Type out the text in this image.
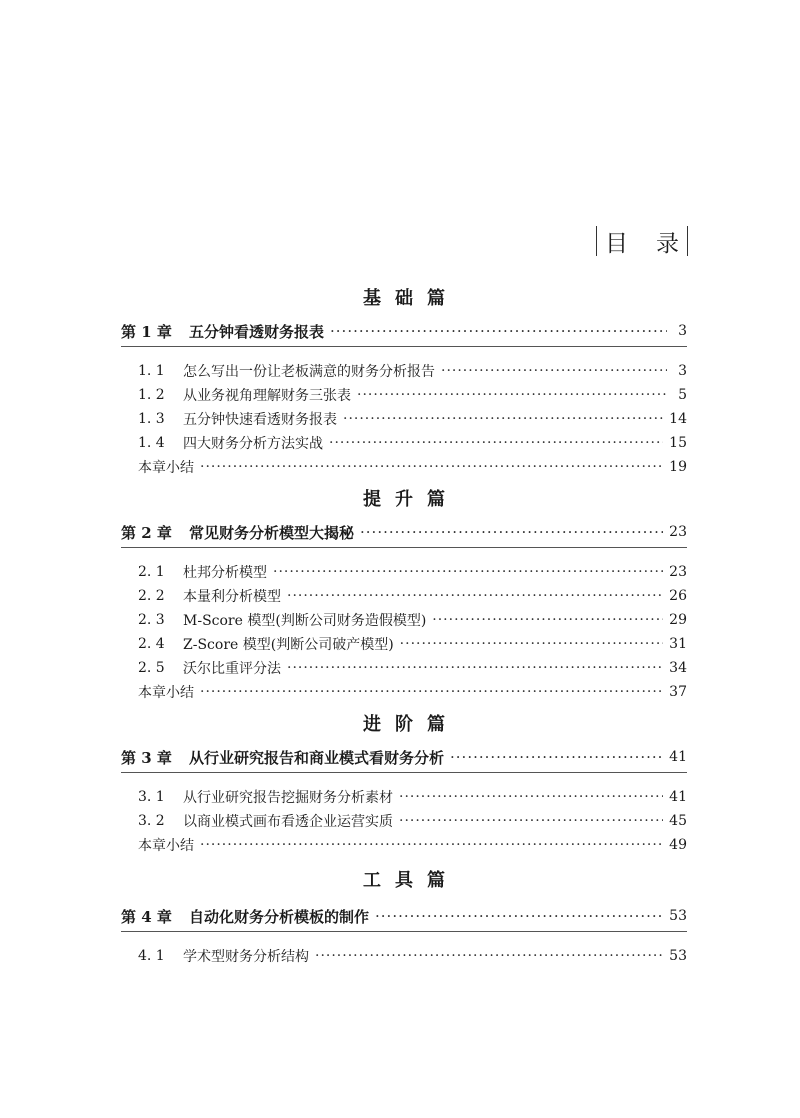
目录
基础篇
第 1 章	五分钟看透财务报表 ·····	3
1. 1	怎么写出一份让老板满意的财务分析报告 ·····	3
1. 2	从业务视角理解财务三张表 ·····	5
1. 3	五分钟快速看透财务报表 ·····	14
1. 4	四大财务分析方法实战 ·····	15
本章小结 ·····	19
提升篇
第 2 章	常见财务分析模型大揭秘 ·····	23
2. 1	杜邦分析模型 ·····	23
2. 2	本量利分析模型 ·····	26
2. 3	M-Score 模型(判断公司财务造假模型) ·····	29
2. 4	Z-Score 模型(判断公司破产模型) ·····	31
2. 5	沃尔比重评分法 ·····	34
本章小结 ·····	37
进阶篇
第 3 章	从行业研究报告和商业模式看财务分析 ·····	41
3. 1	从行业研究报告挖掘财务分析素材 ·····	41
3. 2	以商业模式画布看透企业运营实质 ·····	45
本章小结 ·····	49
工具篇
第 4 章	自动化财务分析模板的制作 ·····	53
4. 1	学术型财务分析结构 ·····	53
